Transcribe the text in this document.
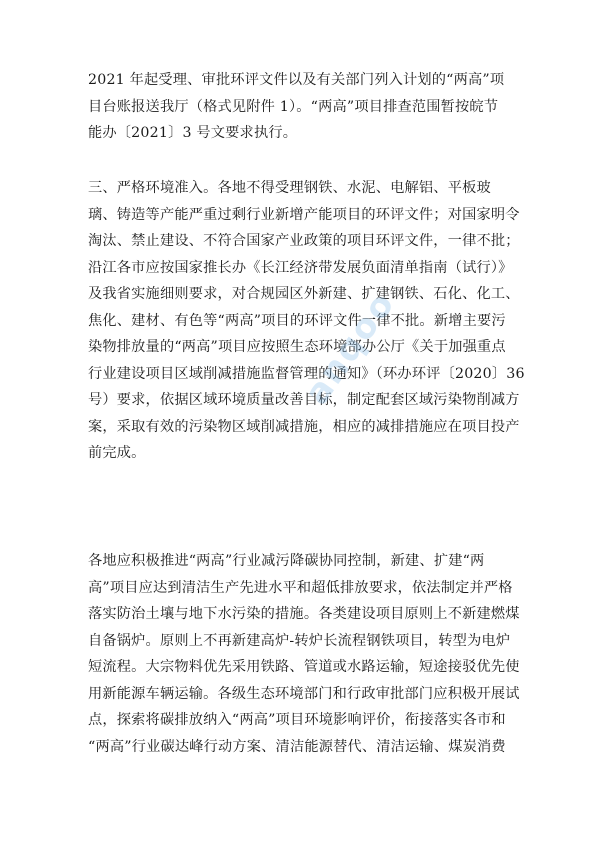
2021 年起受理、审批环评文件以及有关部门列入计划的“两高”项
目台账报送我厅（格式见附件 1）。“两高”项目排查范围暂按皖节
能办〔2021〕3 号文要求执行。
三、严格环境准入。各地不得受理钢铁、水泥、电解铝、平板玻
璃、铸造等产能严重过剩行业新增产能项目的环评文件；对国家明令
淘汰、禁止建设、不符合国家产业政策的项目环评文件，一律不批；
沿江各市应按国家推长办《长江经济带发展负面清单指南（试行）》
及我省实施细则要求，对合规园区外新建、扩建钢铁、石化、化工、
焦化、建材、有色等“两高”项目的环评文件一律不批。新增主要污
染物排放量的“两高”项目应按照生态环境部办公厅《关于加强重点
行业建设项目区域削减措施监督管理的通知》（环办环评〔2020〕36
号）要求，依据区域环境质量改善目标，制定配套区域污染物削减方
案，采取有效的污染物区域削减措施，相应的减排措施应在项目投产
前完成。
各地应积极推进“两高”行业减污降碳协同控制，新建、扩建“两
高”项目应达到清洁生产先进水平和超低排放要求，依法制定并严格
落实防治土壤与地下水污染的措施。各类建设项目原则上不新建燃煤
自备锅炉。原则上不再新建高炉-转炉长流程钢铁项目，转型为电炉
短流程。大宗物料优先采用铁路、管道或水路运输，短途接驳优先使
用新能源车辆运输。各级生态环境部门和行政审批部门应积极开展试
点，探索将碳排放纳入“两高”项目环境影响评价，衔接落实各市和
“两高”行业碳达峰行动方案、清洁能源替代、清洁运输、煤炭消费
anqoo
